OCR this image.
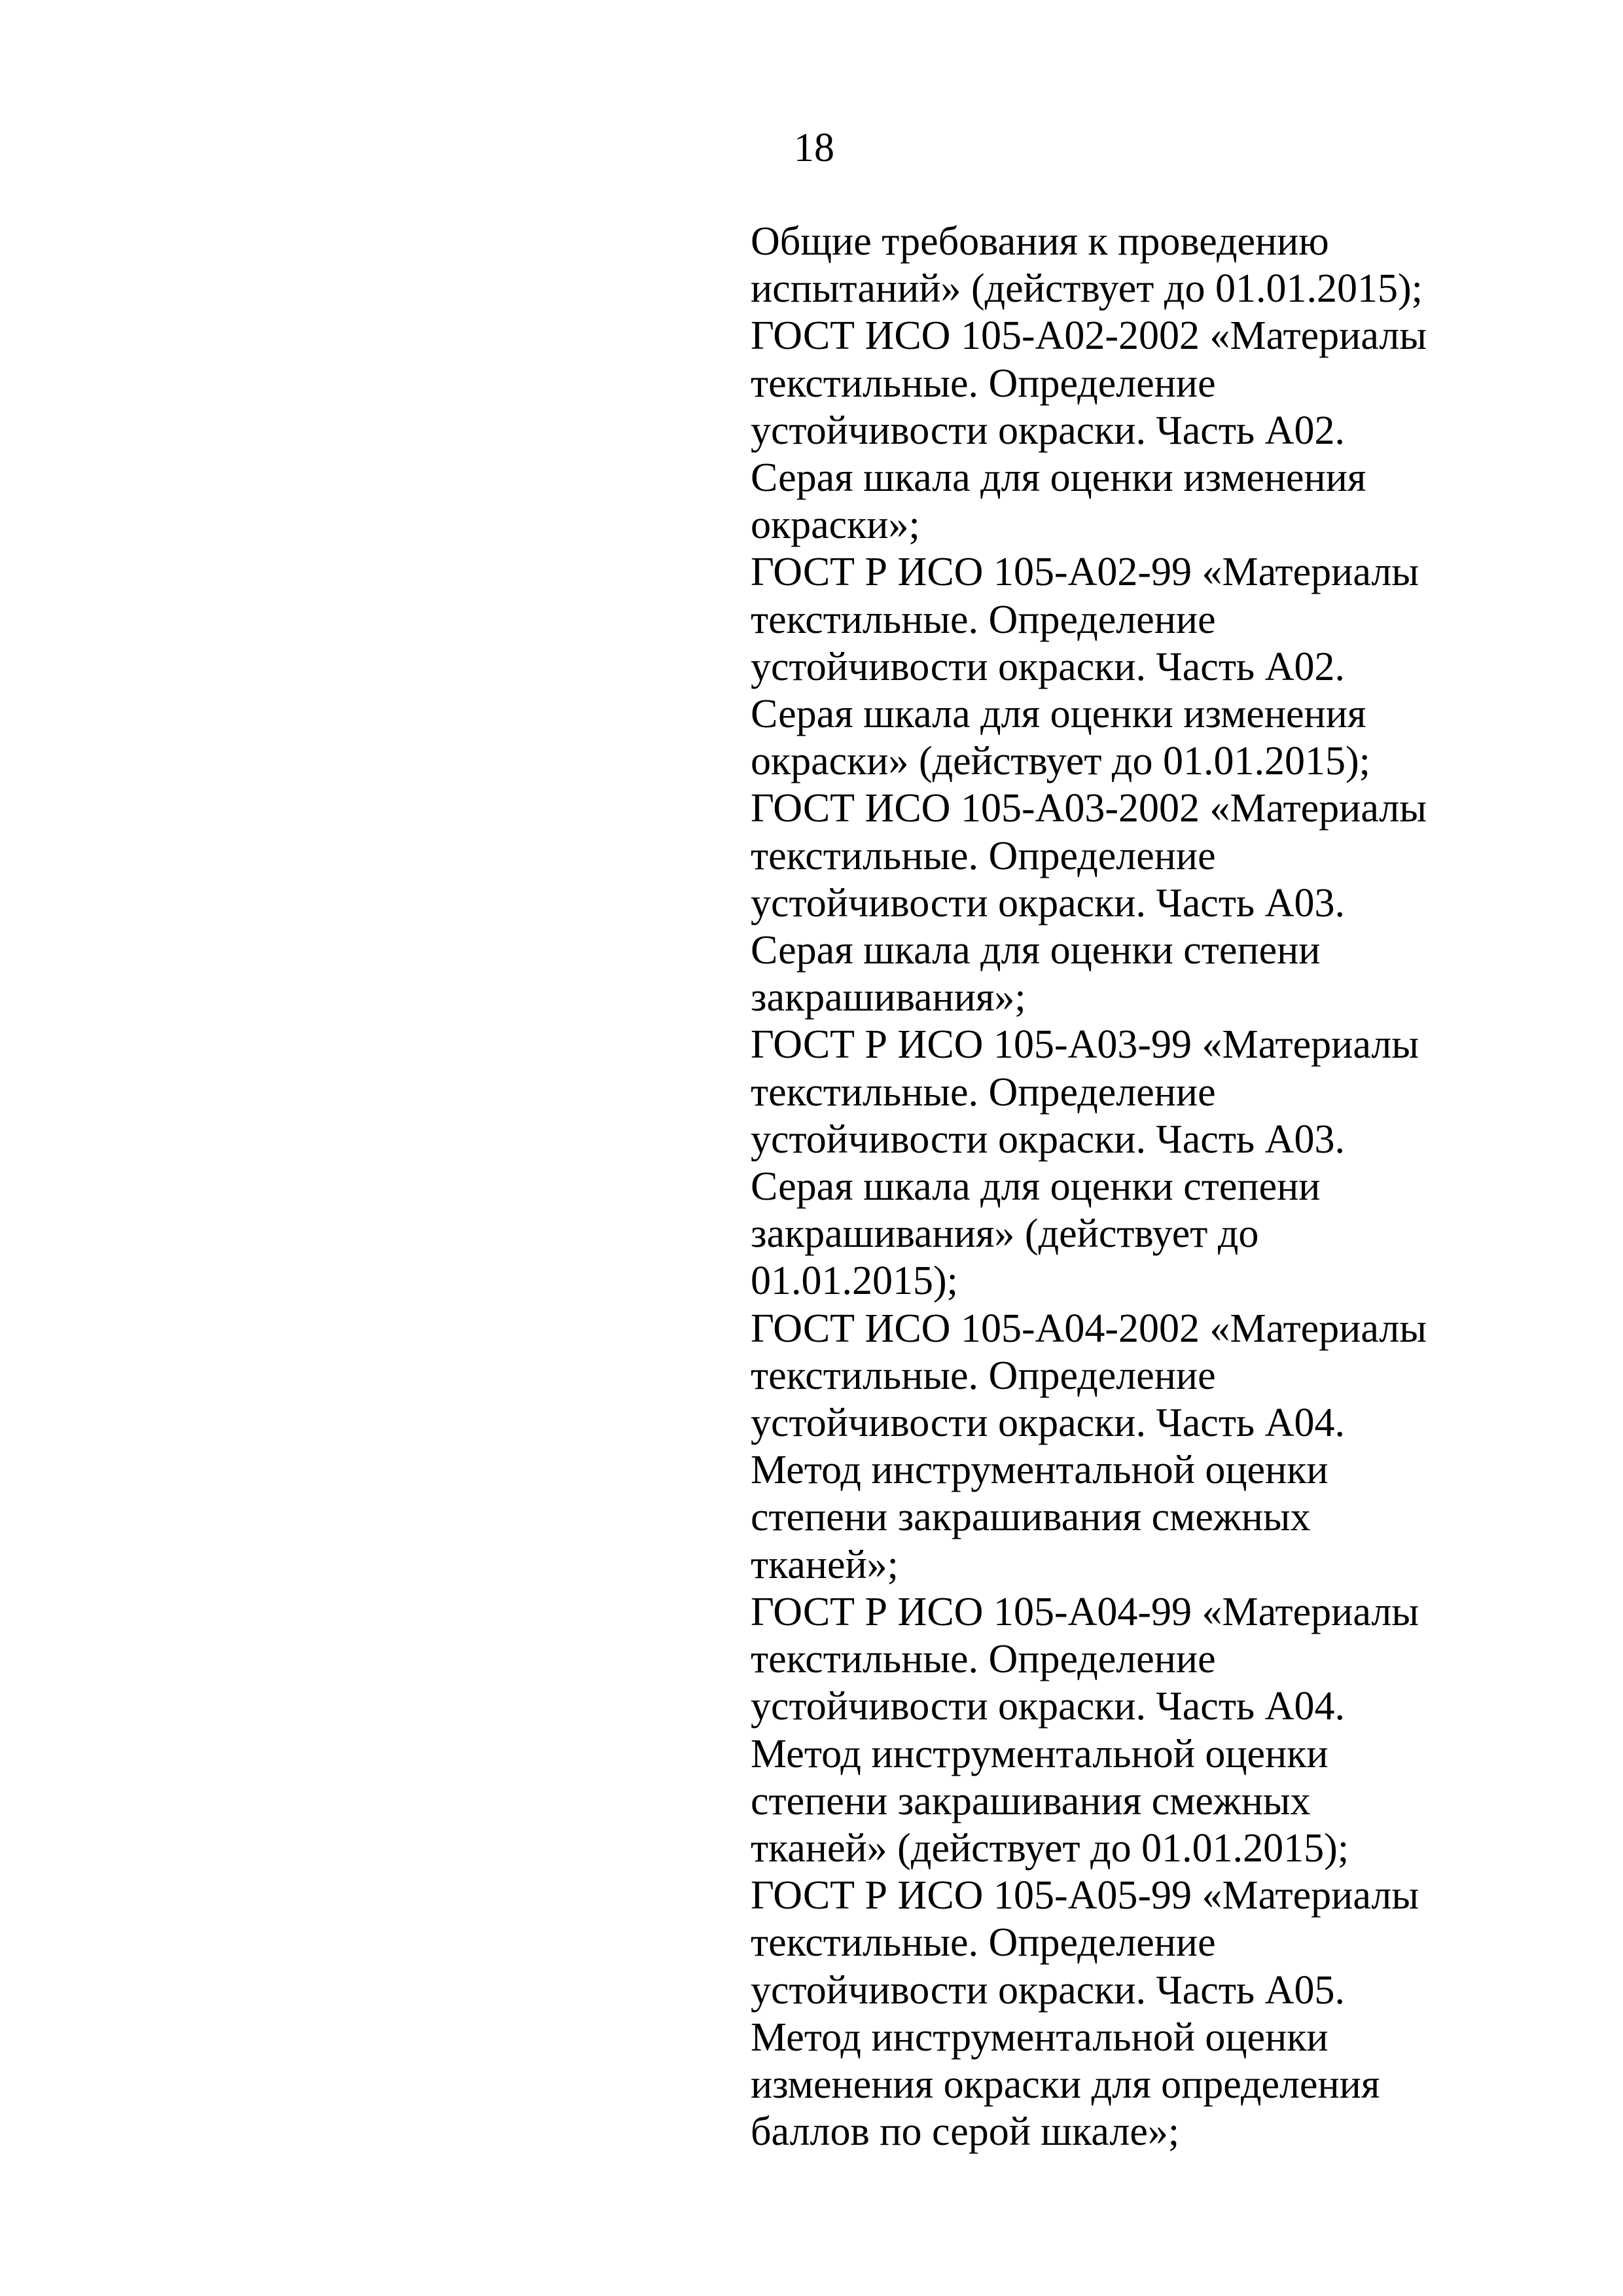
18
Общие требования к проведению
испытаний» (действует до 01.01.2015);
ГОСТ ИСО 105-А02-2002 «Материалы
текстильные. Определение
устойчивости окраски. Часть А02.
Серая шкала для оценки изменения
окраски»;
ГОСТ Р ИСО 105-А02-99 «Материалы
текстильные. Определение
устойчивости окраски. Часть А02.
Серая шкала для оценки изменения
окраски» (действует до 01.01.2015);
ГОСТ ИСО 105-А03-2002 «Материалы
текстильные. Определение
устойчивости окраски. Часть А03.
Серая шкала для оценки степени
закрашивания»;
ГОСТ Р ИСО 105-А03-99 «Материалы
текстильные. Определение
устойчивости окраски. Часть А03.
Серая шкала для оценки степени
закрашивания» (действует до
01.01.2015);
ГОСТ ИСО 105-А04-2002 «Материалы
текстильные. Определение
устойчивости окраски. Часть А04.
Метод инструментальной оценки
степени закрашивания смежных
тканей»;
ГОСТ Р ИСО 105-А04-99 «Материалы
текстильные. Определение
устойчивости окраски. Часть А04.
Метод инструментальной оценки
степени закрашивания смежных
тканей» (действует до 01.01.2015);
ГОСТ Р ИСО 105-А05-99 «Материалы
текстильные. Определение
устойчивости окраски. Часть А05.
Метод инструментальной оценки
изменения окраски для определения
баллов по серой шкале»;
